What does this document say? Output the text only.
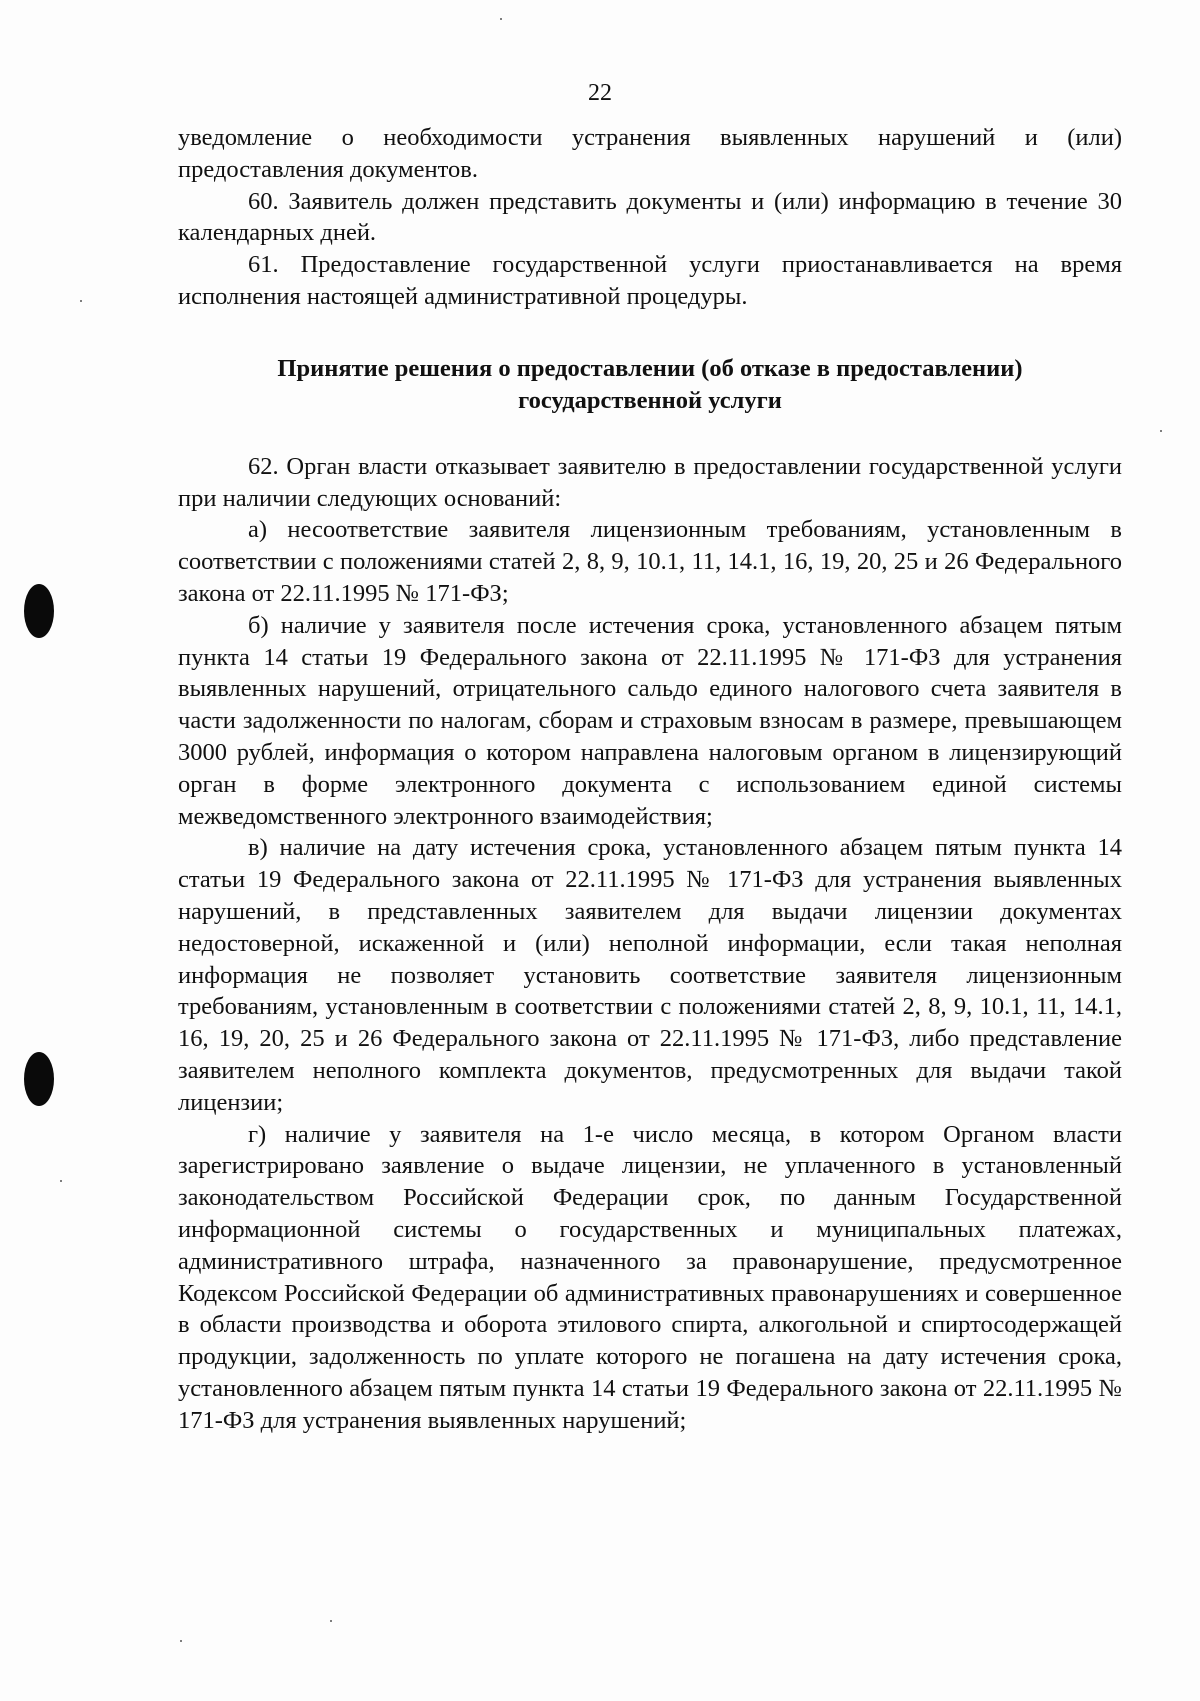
22

уведомление о необходимости устранения выявленных нарушений и (или) предоставления документов.

60. Заявитель должен представить документы и (или) информацию в течение 30 календарных дней.

61. Предоставление государственной услуги приостанавливается на время исполнения настоящей административной процедуры.

Принятие решения о предоставлении (об отказе в предоставлении)
государственной услуги

62. Орган власти отказывает заявителю в предоставлении государственной услуги при наличии следующих оснований:

а) несоответствие заявителя лицензионным требованиям, установленным в соответствии с положениями статей 2, 8, 9, 10.1, 11, 14.1, 16, 19, 20, 25 и 26 Федерального закона от 22.11.1995 № 171-ФЗ;

б) наличие у заявителя после истечения срока, установленного абзацем пятым пункта 14 статьи 19 Федерального закона от 22.11.1995 № 171-ФЗ для устранения выявленных нарушений, отрицательного сальдо единого налогового счета заявителя в части задолженности по налогам, сборам и страховым взносам в размере, превышающем 3000 рублей, информация о котором направлена налоговым органом в лицензирующий орган в форме электронного документа с использованием единой системы межведомственного электронного взаимодействия;

в) наличие на дату истечения срока, установленного абзацем пятым пункта 14 статьи 19 Федерального закона от 22.11.1995 № 171-ФЗ для устранения выявленных нарушений, в представленных заявителем для выдачи лицензии документах недостоверной, искаженной и (или) неполной информации, если такая неполная информация не позволяет установить соответствие заявителя лицензионным требованиям, установленным в соответствии с положениями статей 2, 8, 9, 10.1, 11, 14.1, 16, 19, 20, 25 и 26 Федерального закона от 22.11.1995 № 171-ФЗ, либо представление заявителем неполного комплекта документов, предусмотренных для выдачи такой лицензии;

г) наличие у заявителя на 1-е число месяца, в котором Органом власти зарегистрировано заявление о выдаче лицензии, не уплаченного в установленный законодательством Российской Федерации срок, по данным Государственной информационной системы о государственных и муниципальных платежах, административного штрафа, назначенного за правонарушение, предусмотренное Кодексом Российской Федерации об административных правонарушениях и совершенное в области производства и оборота этилового спирта, алкогольной и спиртосодержащей продукции, задолженность по уплате которого не погашена на дату истечения срока, установленного абзацем пятым пункта 14 статьи 19 Федерального закона от 22.11.1995 № 171-ФЗ для устранения выявленных нарушений;
